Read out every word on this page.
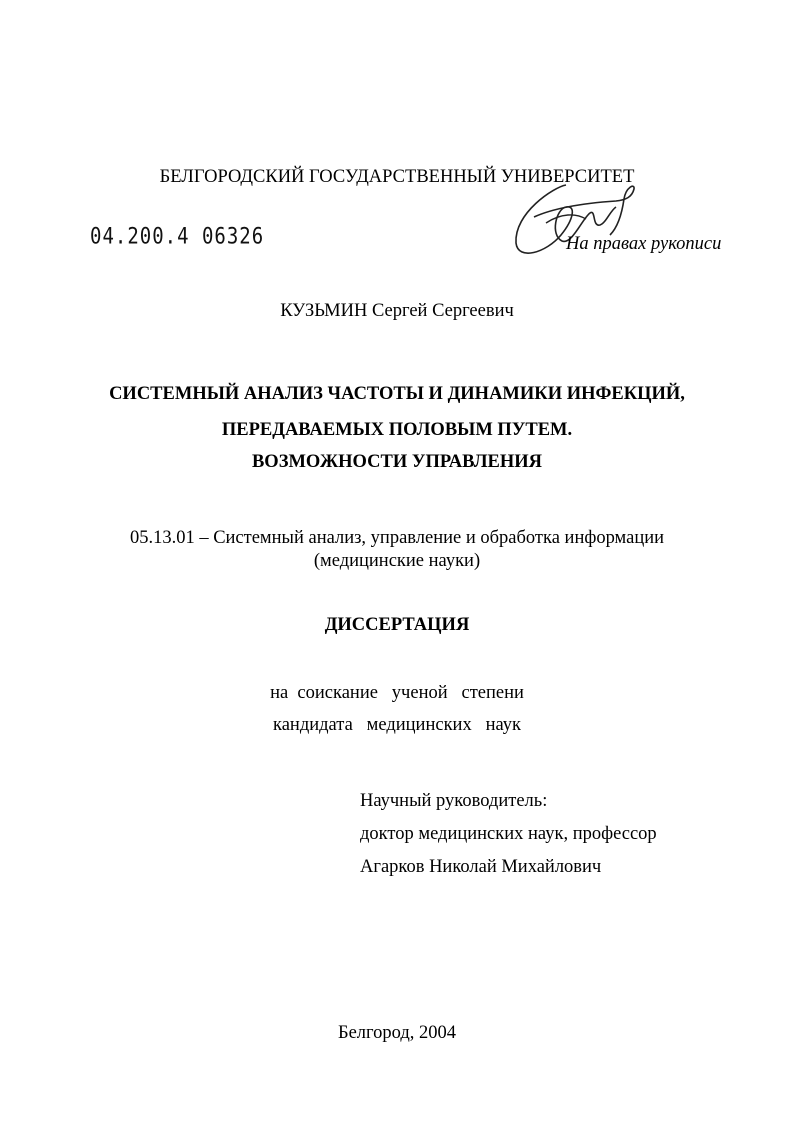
БЕЛГОРОДСКИЙ ГОСУДАРСТВЕННЫЙ УНИВЕРСИТЕТ
04.200.4 06326	На правах рукописи
КУЗЬМИН Сергей Сергеевич
СИСТЕМНЫЙ АНАЛИЗ ЧАСТОТЫ И ДИНАМИКИ ИНФЕКЦИЙ,
ПЕРЕДАВАЕМЫХ ПОЛОВЫМ ПУТЕМ.
ВОЗМОЖНОСТИ УПРАВЛЕНИЯ
05.13.01 – Системный анализ, управление и обработка информации
(медицинские науки)
ДИССЕРТАЦИЯ
на  соискание   ученой   степени
кандидата   медицинских   наук
Научный руководитель:
доктор медицинских наук, профессор
Агарков Николай Михайлович
Белгород, 2004
